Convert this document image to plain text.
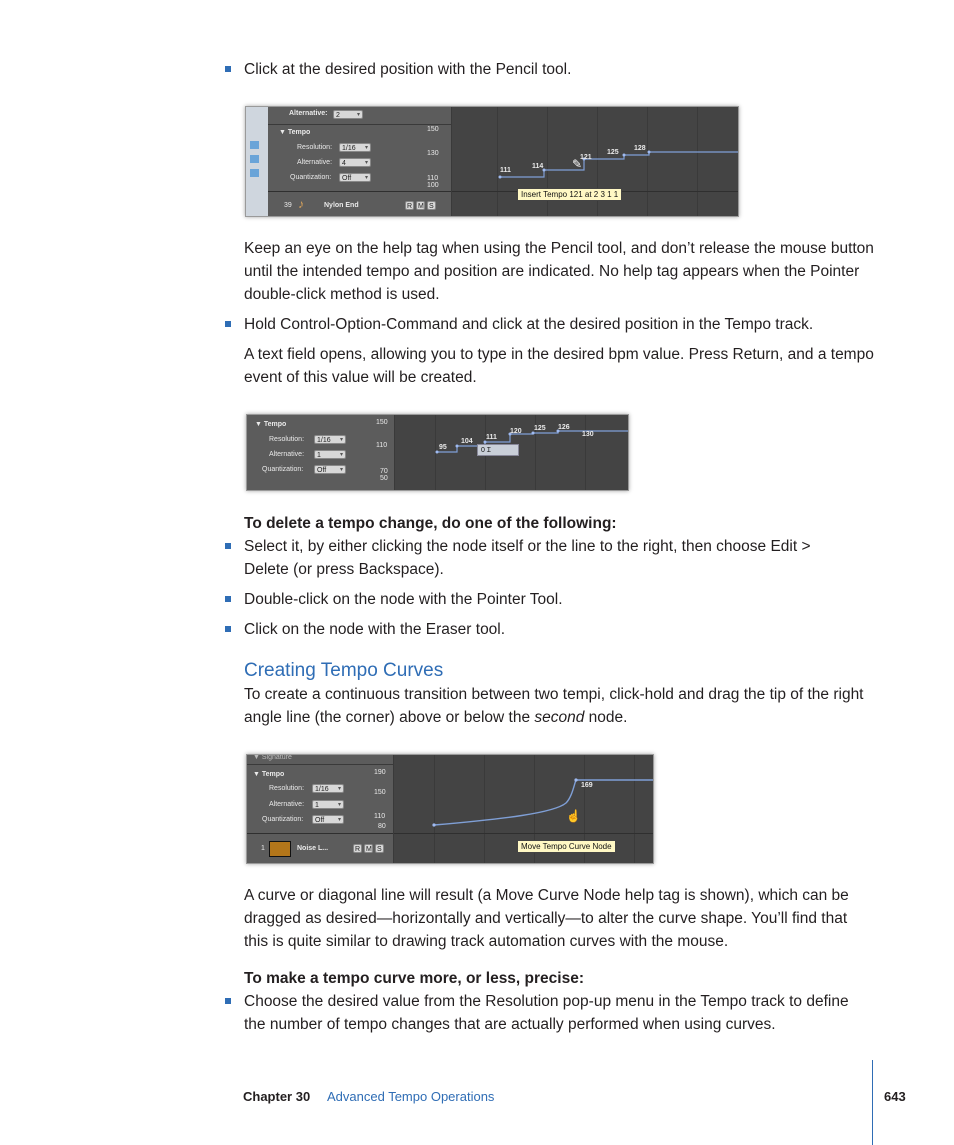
Click at the desired position with the Pencil tool.

Alternative:	2	▾
▼ Tempo
Resolution:	1/16 ▾
Alternative:	4	▾
Quantization:	Off ▾
150
130
110
100
39 ♪	Nylon End	R M S
111
114
121
125
128
✎
Insert Tempo 121 at 2 3 1 1

Keep an eye on the help tag when using the Pencil tool, and don’t release the mouse button until the intended tempo and position are indicated. No help tag appears when the Pointer double-click method is used.

Hold Control-Option-Command and click at the desired position in the Tempo track.

A text field opens, allowing you to type in the desired bpm value. Press Return, and a tempo event of this value will be created.

▼ Tempo
Resolution:	1/16 ▾
Alternative:	1	▾
Quantization:	Off ▾
150
110
70
50
95
104
111
120 125 126
130
0 Ɪ

To delete a tempo change, do one of the following:

Select it, by either clicking the node itself or the line to the right, then choose Edit > Delete (or press Backspace).

Double-click on the node with the Pointer Tool.

Click on the node with the Eraser tool.

Creating Tempo Curves

To create a continuous transition between two tempi, click-hold and drag the tip of the right angle line (the corner) above or below the second node.

▼ Signature
▼ Tempo
Resolution:	1/16 ▾
Alternative:	1	▾
Quantization:	Off ▾
190
150
110
80
1	Noise L...	R M S
169
☝
Move Tempo Curve Node

A curve or diagonal line will result (a Move Curve Node help tag is shown), which can be dragged as desired—horizontally and vertically—to alter the curve shape. You’ll find that this is quite similar to drawing track automation curves with the mouse.

To make a tempo curve more, or less, precise:

Choose the desired value from the Resolution pop-up menu in the Tempo track to define the number of tempo changes that are actually performed when using curves.

Chapter 30 Advanced Tempo Operations	643
